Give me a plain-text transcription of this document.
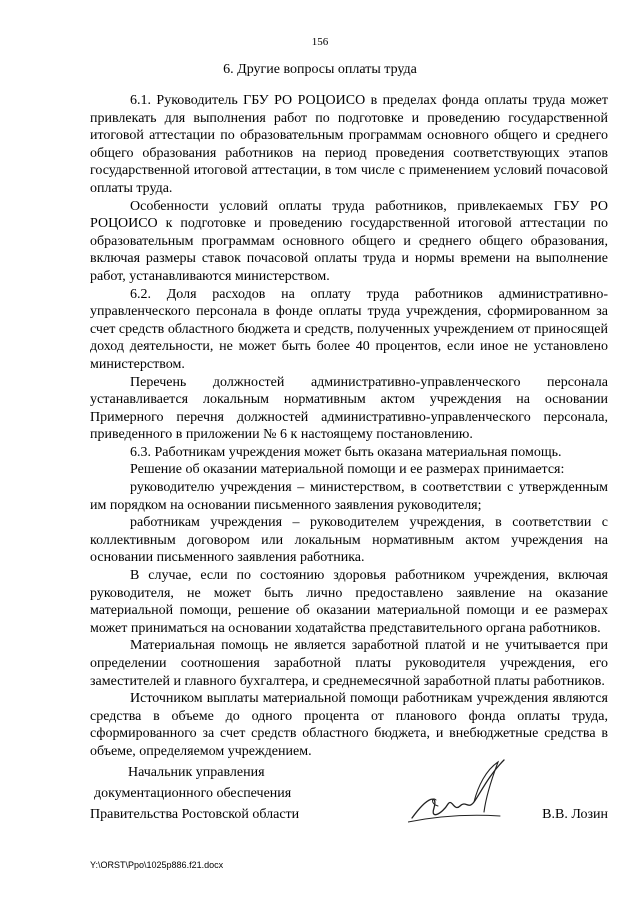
156
6. Другие вопросы оплаты труда

6.1. Руководитель ГБУ РО РОЦОИСО в пределах фонда оплаты труда может привлекать для выполнения работ по подготовке и проведению государственной итоговой аттестации по образовательным программам основного общего и среднего общего образования работников на период проведения соответствующих этапов государственной итоговой аттестации, в том числе с применением условий почасовой оплаты труда.

Особенности условий оплаты труда работников, привлекаемых ГБУ РО РОЦОИСО к подготовке и проведению государственной итоговой аттестации по образовательным программам основного общего и среднего общего образования, включая размеры ставок почасовой оплаты труда и нормы времени на выполнение работ, устанавливаются министерством.

6.2. Доля расходов на оплату труда работников административно-управленческого персонала в фонде оплаты труда учреждения, сформированном за счет средств областного бюджета и средств, полученных учреждением от приносящей доход деятельности, не может быть более 40 процентов, если иное не установлено министерством.

Перечень должностей административно-управленческого персонала устанавливается локальным нормативным актом учреждения на основании Примерного перечня должностей административно-управленческого персонала, приведенного в приложении № 6 к настоящему постановлению.

6.3. Работникам учреждения может быть оказана материальная помощь.

Решение об оказании материальной помощи и ее размерах принимается:

руководителю учреждения – министерством, в соответствии с утвержденным им порядком на основании письменного заявления руководителя;

работникам учреждения – руководителем учреждения, в соответствии с коллективным договором или локальным нормативным актом учреждения на основании письменного заявления работника.

В случае, если по состоянию здоровья работником учреждения, включая руководителя, не может быть лично предоставлено заявление на оказание материальной помощи, решение об оказании материальной помощи и ее размерах может приниматься на основании ходатайства представительного органа работников.

Материальная помощь не является заработной платой и не учитывается при определении соотношения заработной платы руководителя учреждения, его заместителей и главного бухгалтера, и среднемесячной заработной платы работников.

Источником выплаты материальной помощи работникам учреждения являются средства в объеме до одного процента от планового фонда оплаты труда, сформированного за счет средств областного бюджета, и внебюджетные средства в объеме, определяемом учреждением.

Начальник управления
документационного обеспечения
Правительства Ростовской области	В.В. Лозин
Y:\ORST\Ppo\1025p886.f21.docx
